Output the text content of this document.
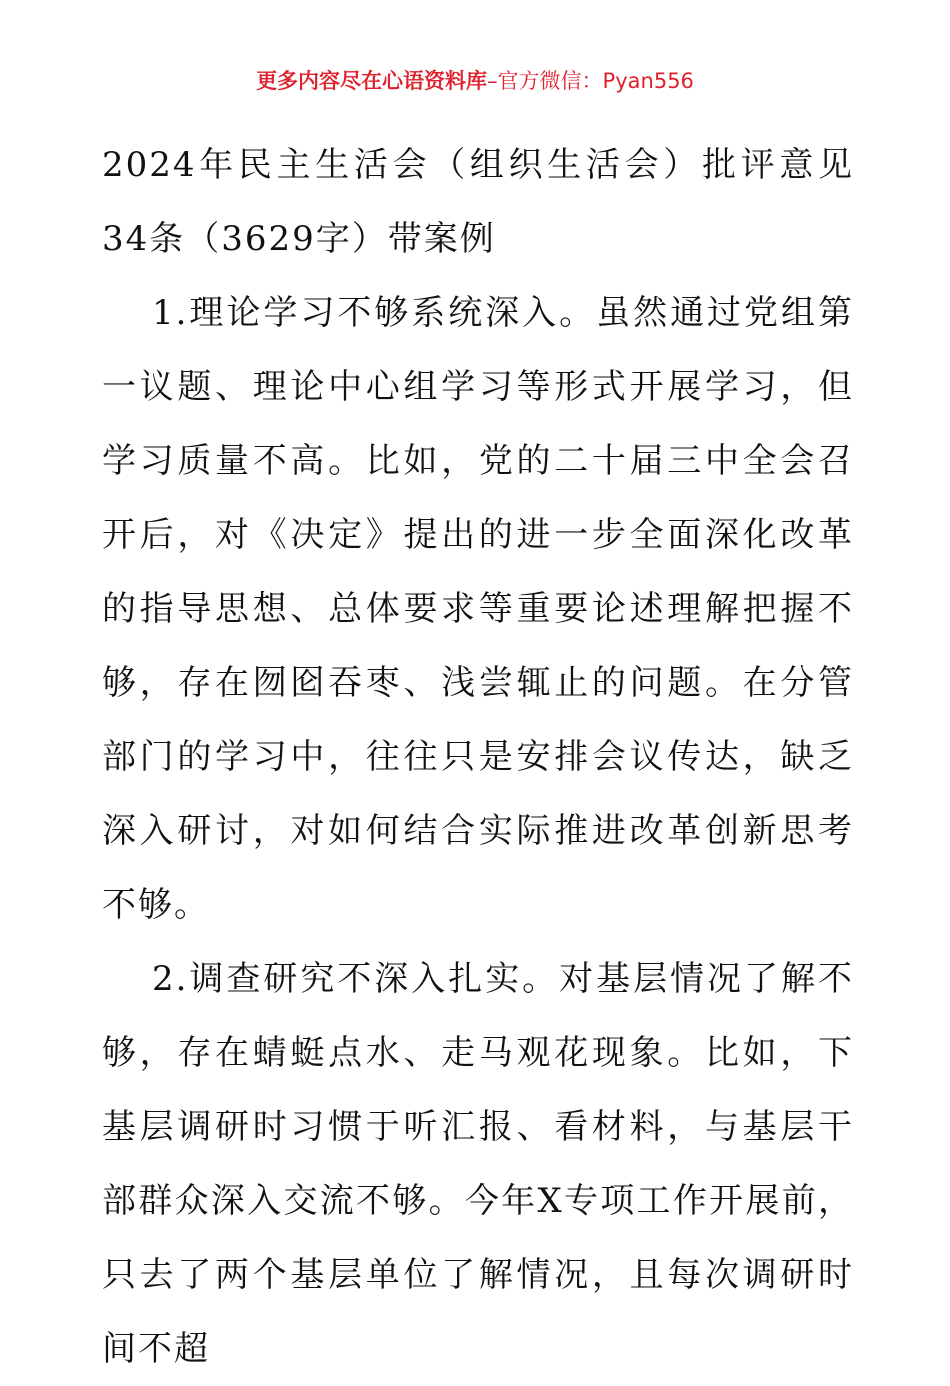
更多内容尽在心语资料库–官方微信：Pyan556
2024年民主生活会（组织生活会）批评意见34条（3629字）带案例

1.理论学习不够系统深入。虽然通过党组第一议题、理论中心组学习等形式开展学习，但学习质量不高。比如，党的二十届三中全会召开后，对《决定》提出的进一步全面深化改革的指导思想、总体要求等重要论述理解把握不够，存在囫囵吞枣、浅尝辄止的问题。在分管部门的学习中，往往只是安排会议传达，缺乏深入研讨，对如何结合实际推进改革创新思考不够。

2.调查研究不深入扎实。对基层情况了解不够，存在蜻蜓点水、走马观花现象。比如，下基层调研时习惯于听汇报、看材料，与基层干部群众深入交流不够。今年X专项工作开展前，只去了两个基层单位了解情况，且每次调研时间不超
